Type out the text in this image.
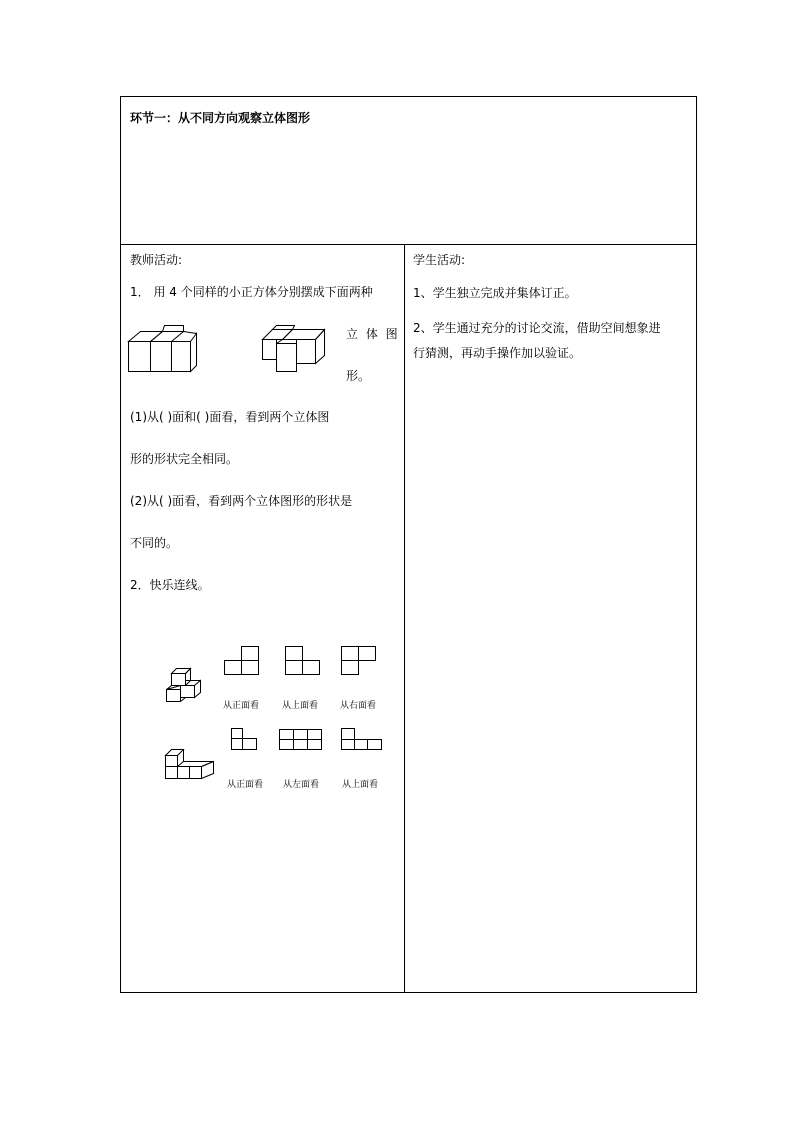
环节一：从不同方向观察立体图形
教师活动:
1． 用 4 个同样的小正方体分别摆成下面两种
立 体 图
形。
(1)从( )面和( )面看，看到两个立体图
形的形状完全相同。
(2)从( )面看，看到两个立体图形的形状是
不同的。
2．快乐连线。
从正面看	从上面看 从右面看
从正面看 从左面看	从上面看
学生活动:
1、学生独立完成并集体订正。
2、学生通过充分的讨论交流，借助空间想象进
行猜测，再动手操作加以验证。
